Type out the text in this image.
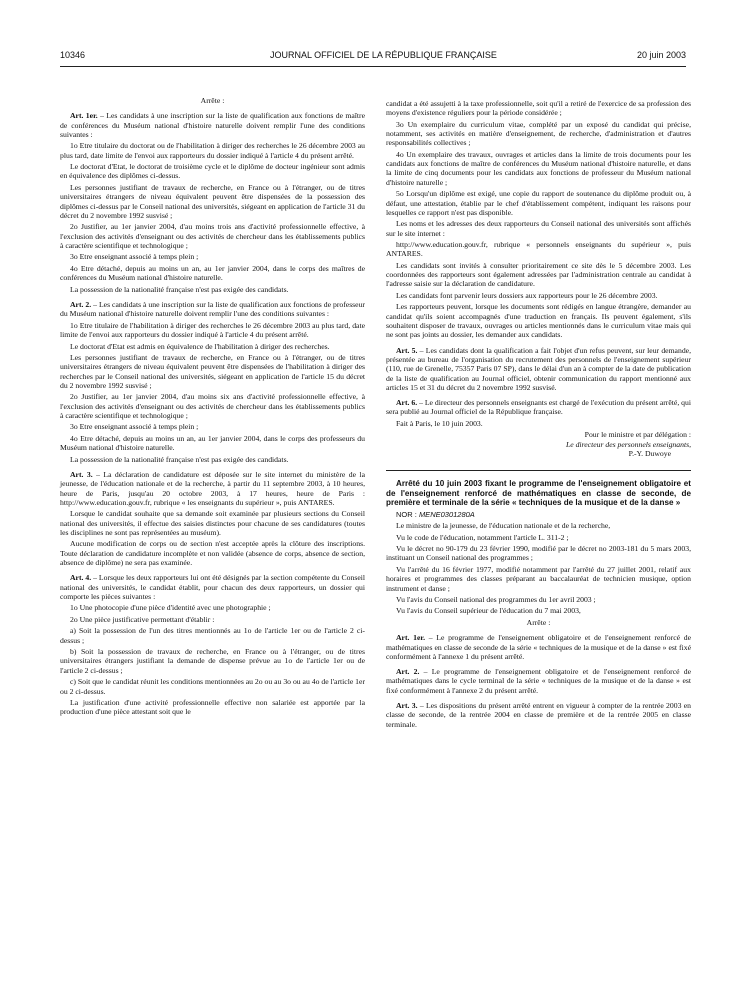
10346	JOURNAL OFFICIEL DE LA RÉPUBLIQUE FRANÇAISE	20 juin 2003

Arrête :

Art. 1er. – Les candidats à une inscription sur la liste de qualification aux fonctions de maître de conférences du Muséum national d'histoire naturelle doivent remplir l'une des conditions suivantes :

1o Etre titulaire du doctorat ou de l'habilitation à diriger des recherches le 26 décembre 2003 au plus tard, date limite de l'envoi aux rapporteurs du dossier indiqué à l'article 4 du présent arrêté.

Le doctorat d'Etat, le doctorat de troisième cycle et le diplôme de docteur ingénieur sont admis en équivalence des diplômes ci-dessus.

Les personnes justifiant de travaux de recherche, en France ou à l'étranger, ou de titres universitaires étrangers de niveau équivalent peuvent être dispensées de la possession des diplômes ci-dessus par le Conseil national des universités, siégeant en application de l'article 31 du décret du 2 novembre 1992 susvisé ;

2o Justifier, au 1er janvier 2004, d'au moins trois ans d'activité professionnelle effective, à l'exclusion des activités d'enseignant ou des activités de chercheur dans les établissements publics à caractère scientifique et technologique ;

3o Etre enseignant associé à temps plein ;

4o Etre détaché, depuis au moins un an, au 1er janvier 2004, dans le corps des maîtres de conférences du Muséum national d'histoire naturelle.

La possession de la nationalité française n'est pas exigée des candidats.

Art. 2. – Les candidats à une inscription sur la liste de qualification aux fonctions de professeur du Muséum national d'histoire naturelle doivent remplir l'une des conditions suivantes :

1o Etre titulaire de l'habilitation à diriger des recherches le 26 décembre 2003 au plus tard, date limite de l'envoi aux rapporteurs du dossier indiqué à l'article 4 du présent arrêté.

Le doctorat d'Etat est admis en équivalence de l'habilitation à diriger des recherches.

Les personnes justifiant de travaux de recherche, en France ou à l'étranger, ou de titres universitaires étrangers de niveau équivalent peuvent être dispensées de l'habilitation à diriger des recherches par le Conseil national des universités, siégeant en application de l'article 15 du décret du 2 novembre 1992 susvisé ;

2o Justifier, au 1er janvier 2004, d'au moins six ans d'activité professionnelle effective, à l'exclusion des activités d'enseignant ou des activités de chercheur dans les établissements publics à caractère scientifique et technologique ;

3o Etre enseignant associé à temps plein ;

4o Etre détaché, depuis au moins un an, au 1er janvier 2004, dans le corps des professeurs du Muséum national d'histoire naturelle.

La possession de la nationalité française n'est pas exigée des candidats.

Art. 3. – La déclaration de candidature est déposée sur le site internet du ministère de la jeunesse, de l'éducation nationale et de la recherche, à partir du 11 septembre 2003, à 10 heures, heure de Paris, jusqu'au 20 octobre 2003, à 17 heures, heure de Paris : http://www.education.gouv.fr, rubrique « les enseignants du supérieur », puis ANTARES.

Lorsque le candidat souhaite que sa demande soit examinée par plusieurs sections du Conseil national des universités, il effectue des saisies distinctes pour chacune de ses candidatures (toutes les disciplines ne sont pas représentées au muséum).

Aucune modification de corps ou de section n'est acceptée après la clôture des inscriptions. Toute déclaration de candidature incomplète et non validée (absence de corps, absence de section, absence de diplôme) ne sera pas examinée.

Art. 4. – Lorsque les deux rapporteurs lui ont été désignés par la section compétente du Conseil national des universités, le candidat établit, pour chacun des deux rapporteurs, un dossier qui comporte les pièces suivantes :

1o Une photocopie d'une pièce d'identité avec une photographie ;

2o Une pièce justificative permettant d'établir :

a) Soit la possession de l'un des titres mentionnés au 1o de l'article 1er ou de l'article 2 ci-dessus ;

b) Soit la possession de travaux de recherche, en France ou à l'étranger, ou de titres universitaires étrangers justifiant la demande de dispense prévue au 1o de l'article 1er ou de l'article 2 ci-dessus ;

c) Soit que le candidat réunit les conditions mentionnées au 2o ou au 3o ou au 4o de l'article 1er ou 2 ci-dessus.

La justification d'une activité professionnelle effective non salariée est apportée par la production d'une pièce attestant soit que le

candidat a été assujetti à la taxe professionnelle, soit qu'il a retiré de l'exercice de sa profession des moyens d'existence réguliers pour la période considérée ;

3o Un exemplaire du curriculum vitae, complété par un exposé du candidat qui précise, notamment, ses activités en matière d'enseignement, de recherche, d'administration et d'autres responsabilités collectives ;

4o Un exemplaire des travaux, ouvrages et articles dans la limite de trois documents pour les candidats aux fonctions de maître de conférences du Muséum national d'histoire naturelle, et dans la limite de cinq documents pour les candidats aux fonctions de professeur du Muséum national d'histoire naturelle ;

5o Lorsqu'un diplôme est exigé, une copie du rapport de soutenance du diplôme produit ou, à défaut, une attestation, établie par le chef d'établissement compétent, indiquant les raisons pour lesquelles ce rapport n'est pas disponible.

Les noms et les adresses des deux rapporteurs du Conseil national des universités sont affichés sur le site internet :

http://www.education.gouv.fr, rubrique « personnels enseignants du supérieur », puis ANTARES.

Les candidats sont invités à consulter prioritairement ce site dès le 5 décembre 2003. Les coordonnées des rapporteurs sont également adressées par l'administration centrale au candidat à l'adresse saisie sur la déclaration de candidature.

Les candidats font parvenir leurs dossiers aux rapporteurs pour le 26 décembre 2003.

Les rapporteurs peuvent, lorsque les documents sont rédigés en langue étrangère, demander au candidat qu'ils soient accompagnés d'une traduction en français. Ils peuvent également, s'ils souhaitent disposer de travaux, ouvrages ou articles mentionnés dans le curriculum vitae mais qui ne sont pas joints au dossier, les demander aux candidats.

Art. 5. – Les candidats dont la qualification a fait l'objet d'un refus peuvent, sur leur demande, présentée au bureau de l'organisation du recrutement des personnels de l'enseignement supérieur (110, rue de Grenelle, 75357 Paris 07 SP), dans le délai d'un an à compter de la date de publication de la liste de qualification au Journal officiel, obtenir communication du rapport mentionné aux articles 15 et 31 du décret du 2 novembre 1992 susvisé.

Art. 6. – Le directeur des personnels enseignants est chargé de l'exécution du présent arrêté, qui sera publié au Journal officiel de la République française.

Fait à Paris, le 10 juin 2003.

Pour le ministre et par délégation :

Le directeur des personnels enseignants,

P.-Y. Duwoye

Arrêté du 10 juin 2003 fixant le programme de l'enseignement obligatoire et de l'enseignement renforcé de mathématiques en classe de seconde, de première et terminale de la série « techniques de la musique et de la danse »

NOR : MENE0301280A

Le ministre de la jeunesse, de l'éducation nationale et de la recherche,

Vu le code de l'éducation, notamment l'article L. 311-2 ;

Vu le décret no 90-179 du 23 février 1990, modifié par le décret no 2003-181 du 5 mars 2003, instituant un Conseil national des programmes ;

Vu l'arrêté du 16 février 1977, modifié notamment par l'arrêté du 27 juillet 2001, relatif aux horaires et programmes des classes préparant au baccalauréat de technicien musique, option instrument et danse ;

Vu l'avis du Conseil national des programmes du 1er avril 2003 ;

Vu l'avis du Conseil supérieur de l'éducation du 7 mai 2003,

Arrête :

Art. 1er. – Le programme de l'enseignement obligatoire et de l'enseignement renforcé de mathématiques en classe de seconde de la série « techniques de la musique et de la danse » est fixé conformément à l'annexe 1 du présent arrêté.

Art. 2. – Le programme de l'enseignement obligatoire et de l'enseignement renforcé de mathématiques dans le cycle terminal de la série « techniques de la musique et de la danse » est fixé conformément à l'annexe 2 du présent arrêté.

Art. 3. – Les dispositions du présent arrêté entrent en vigueur à compter de la rentrée 2003 en classe de seconde, de la rentrée 2004 en classe de première et de la rentrée 2005 en classe terminale.
